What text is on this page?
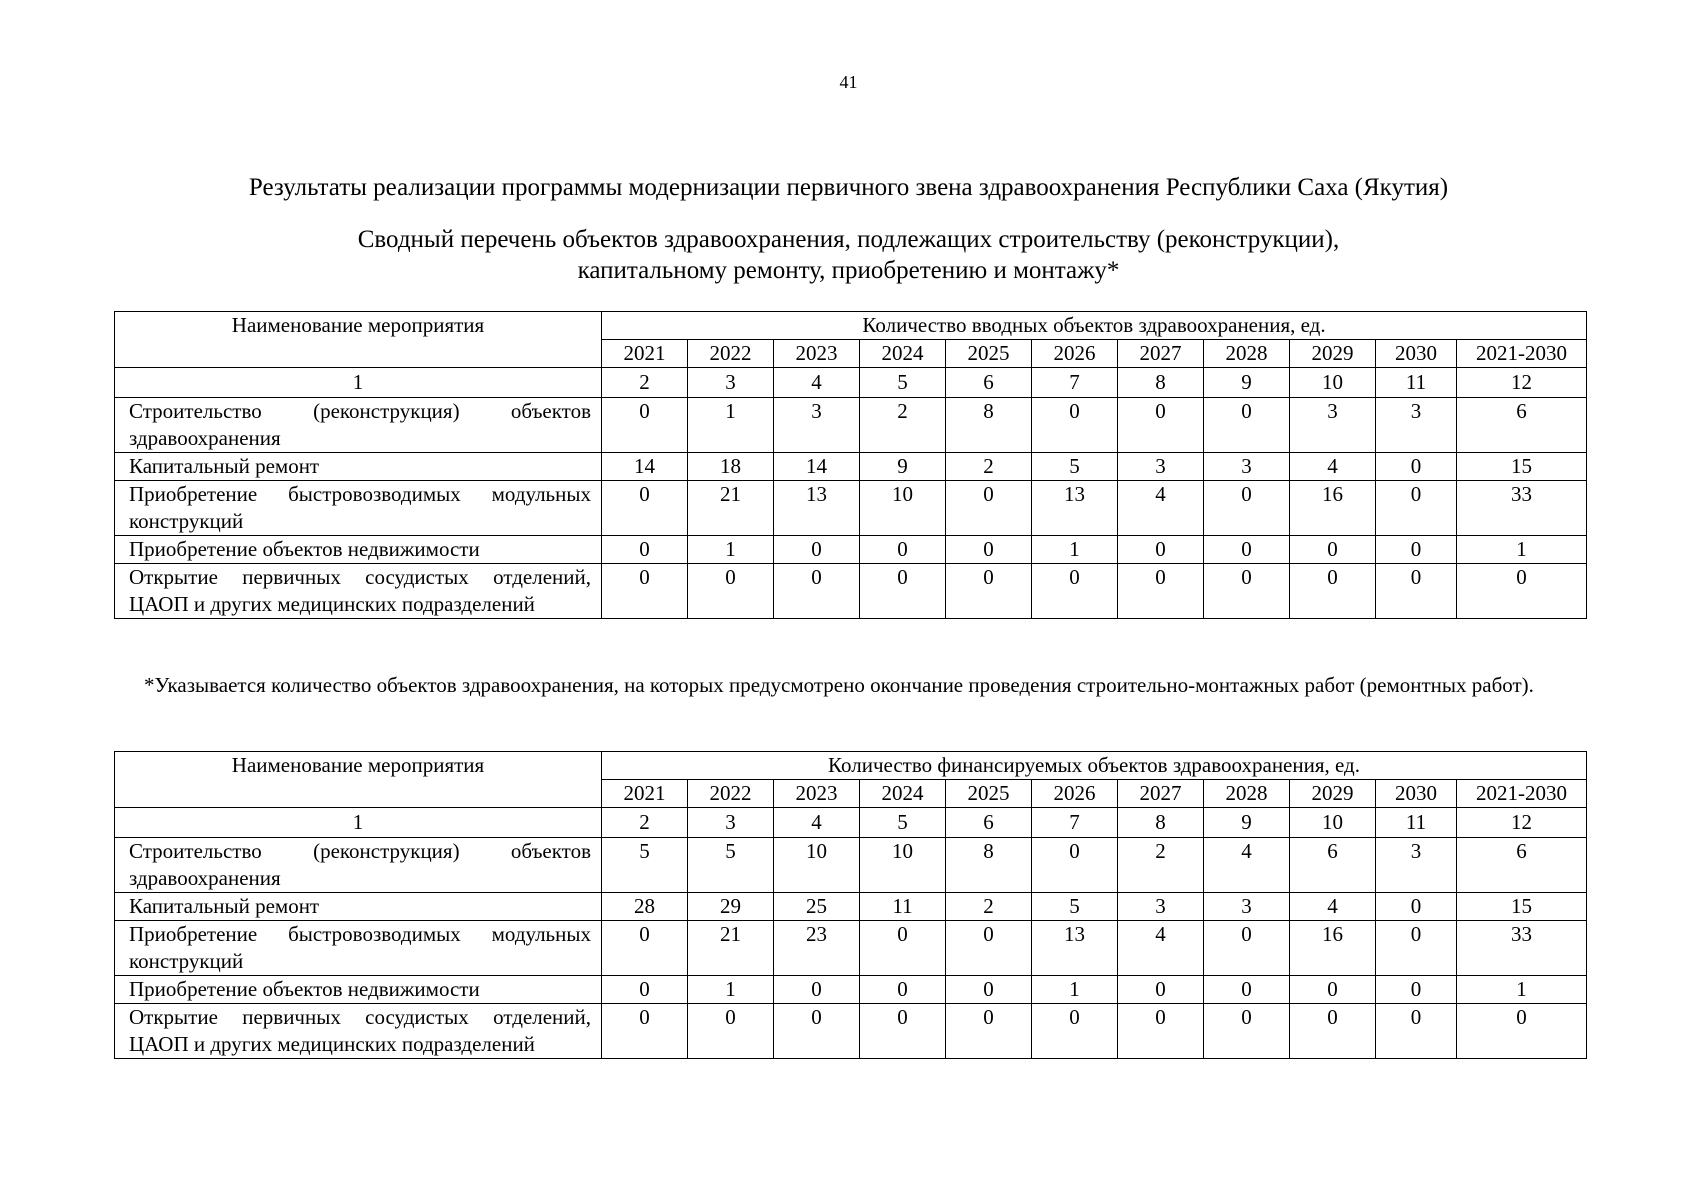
41
Результаты реализации программы модернизации первичного звена здравоохранения Республики Саха (Якутия)
Сводный перечень объектов здравоохранения, подлежащих строительству (реконструкции),
капитальному ремонту, приобретению и монтажу*
Наименование мероприятия	Количество вводных объектов здравоохранения, ед.										
	2021	2022	2023	2024	2025	2026	2027	2028	2029	2030	2021-2030
1	2	3	4	5	6	7	8	9	10	11	12
Строительство (реконструкция) объектов здравоохранения	0	1	3	2	8	0	0	0	3	3	6
Капитальный ремонт	14	18	14	9	2	5	3	3	4	0	15
Приобретение быстровозводимых модульных конструкций	0	21	13	10	0	13	4	0	16	0	33
Приобретение объектов недвижимости	0	1	0	0	0	1	0	0	0	0	1
Открытие первичных сосудистых отделений, ЦАОП и других медицинских подразделений	0	0	0	0	0	0	0	0	0	0	0
*Указывается количество объектов здравоохранения, на которых предусмотрено окончание проведения строительно-монтажных работ (ремонтных работ).
Наименование мероприятия	Количество финансируемых объектов здравоохранения, ед.										
	2021	2022	2023	2024	2025	2026	2027	2028	2029	2030	2021-2030
1	2	3	4	5	6	7	8	9	10	11	12
Строительство (реконструкция) объектов здравоохранения	5	5	10	10	8	0	2	4	6	3	6
Капитальный ремонт	28	29	25	11	2	5	3	3	4	0	15
Приобретение быстровозводимых модульных конструкций	0	21	23	0	0	13	4	0	16	0	33
Приобретение объектов недвижимости	0	1	0	0	0	1	0	0	0	0	1
Открытие первичных сосудистых отделений, ЦАОП и других медицинских подразделений	0	0	0	0	0	0	0	0	0	0	0
